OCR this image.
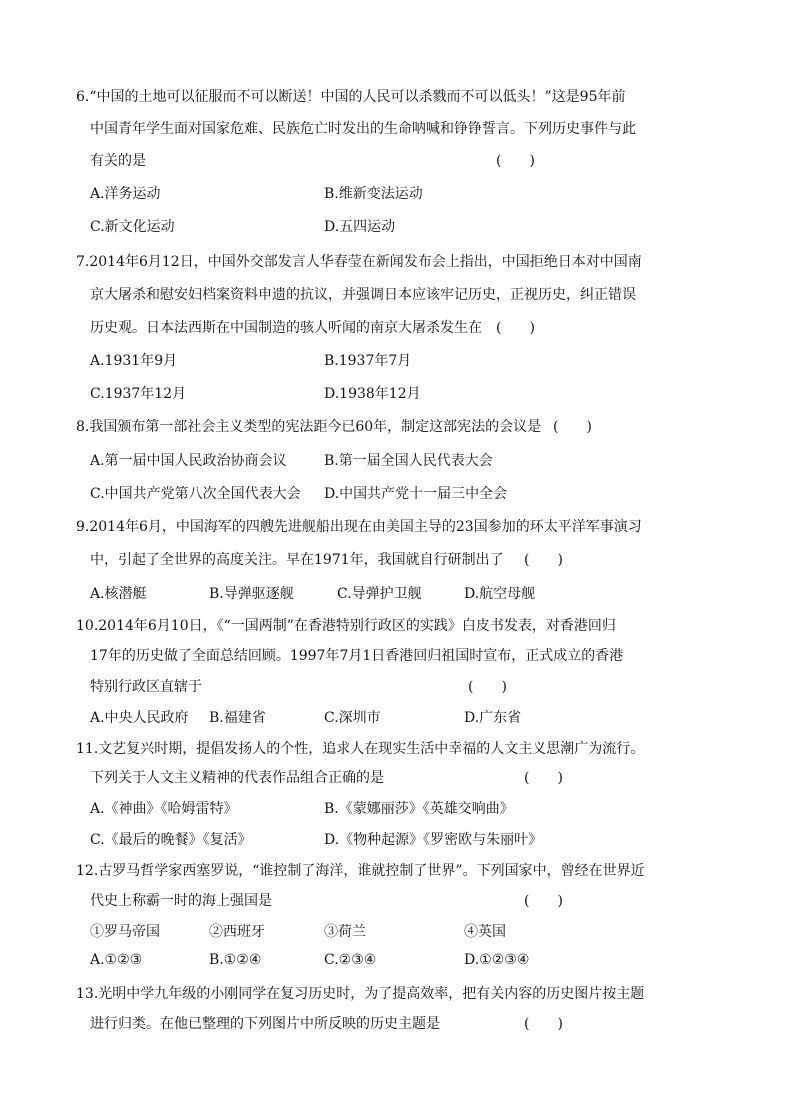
6.“中国的土地可以征服而不可以断送！中国的人民可以杀戮而不可以低头！”这是95年前
中国青年学生面对国家危难、民族危亡时发出的生命呐喊和铮铮誓言。下列历史事件与此
有关的是	(　　)
A.洋务运动	B.维新变法运动
C.新文化运动	D.五四运动
7.2014年6月12日，中国外交部发言人华春莹在新闻发布会上指出，中国拒绝日本对中国南
京大屠杀和慰安妇档案资料申遗的抗议，并强调日本应该牢记历史，正视历史，纠正错误
历史观。日本法西斯在中国制造的骇人听闻的南京大屠杀发生在 (　　)
A.1931年9月	B.1937年7月
C.1937年12月	D.1938年12月
8.我国颁布第一部社会主义类型的宪法距今已60年，制定这部宪法的会议是 (　　)
A.第一届中国人民政治协商会议	B.第一届全国人民代表大会
C.中国共产党第八次全国代表大会 D.中国共产党十一届三中全会
9.2014年6月，中国海军的四艘先进舰船出现在由美国主导的23国参加的环太平洋军事演习
中，引起了全世界的高度关注。早在1971年，我国就自行研制出了 (　　)
A.核潜艇	B.导弹驱逐舰	C.导弹护卫舰	D.航空母舰
10.2014年6月10日，《“一国两制”在香港特别行政区的实践》白皮书发表，对香港回归
17年的历史做了全面总结回顾。1997年7月1日香港回归祖国时宣布，正式成立的香港
特别行政区直辖于	(　　)
A.中央人民政府 B.福建省	C.深圳市	D.广东省
11.文艺复兴时期，提倡发扬人的个性，追求人在现实生活中幸福的人文主义思潮广为流行。
下列关于人文主义精神的代表作品组合正确的是	(　　)
A.《神曲》《哈姆雷特》	B.《蒙娜丽莎》《英雄交响曲》
C.《最后的晚餐》《复活》	D.《物种起源》《罗密欧与朱丽叶》
12.古罗马哲学家西塞罗说，“谁控制了海洋，谁就控制了世界”。下列国家中，曾经在世界近
代史上称霸一时的海上强国是	(　　)
①罗马帝国	②西班牙	③荷兰	④英国
A.①②③	B.①②④	C.②③④	D.①②③④
13.光明中学九年级的小刚同学在复习历史时，为了提高效率，把有关内容的历史图片按主题
进行归类。在他已整理的下列图片中所反映的历史主题是	(　　)
